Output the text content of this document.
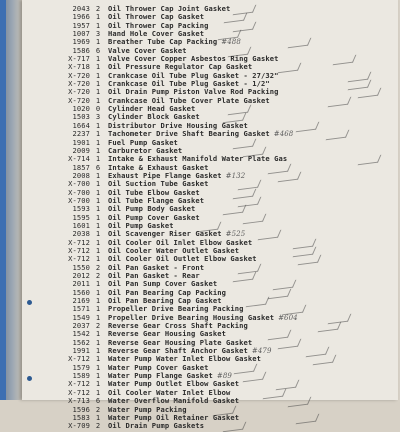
2043 2 Oil Thrower Cap Joint Gasket
1966 1 Oil Thrower Cap Gasket
1957 1 Oil Thrower Cap Packing
1007 3 Hand Hole Cover Gasket
1969 1 Breather Tube Cap Packing #488
1586 6 Valve Cover Gasket
X-717 1 Valve Cover Copper Asbestos Ring Gasket
X-718 1 Oil Pressure Regulator Cap Gasket
X-720 1 Crankcase Oil Tube Plug Gasket - 27/32"
X-720 1 Crankcase Oil Tube Plug Gasket - 1/2"
X-720 1 Oil Drain Pump Piston Valve Rod Packing
X-720 1 Crankcase Oil Tube Cover Plate Gasket
1020 0 Cylinder Head Gasket
1503 3 Cylinder Block Gasket
1664 1 Distributor Drive Housing Gasket
2237 1 Tachometer Drive Shaft Bearing Gasket #468
1901 1 Fuel Pump Gasket
2009 1 Carburetor Gasket
X-714 1 Intake & Exhaust Manifold Water Plate Gas
1857 6 Intake & Exhaust Gasket
2008 1 Exhaust Pipe Flange Gasket #132
X-700 1 Oil Suction Tube Gasket
X-700 1 Oil Tube Elbow Gasket
X-700 1 Oil Tube Flange Gasket
1593 1 Oil Pump Body Gasket
1595 1 Oil Pump Cover Gasket
1601 1 Oil Pump Gasket
2038 1 Oil Scavenger Riser Gasket #525
X-712 1 Oil Cooler Oil Inlet Elbow Gasket
X-712 1 Oil Cooler Water Outlet Gasket
X-712 1 Oil Cooler Oil Outlet Elbow Gasket
1550 2 Oil Pan Gasket - Front
2012 2 Oil Pan Gasket - Rear
2011 1 Oil Pan Sump Cover Gasket
1560 1 Oil Pan Bearing Cap Packing
2169 1 Oil Pan Bearing Cap Gasket
1571 1 Propeller Drive Bearing Packing
1549 1 Propeller Drive Bearing Housing Gasket #604
2037 2 Reverse Gear Cross Shaft Packing
1542 1 Reverse Gear Housing Gasket
1562 1 Reverse Gear Housing Plate Gasket
1991 1 Reverse Gear Shaft Anchor Gasket #479
X-712 1 Water Pump Water Inlet Elbow Gasket
1579 1 Water Pump Cover Gasket
1589 1 Water Pump Flange Gasket #89
X-712 1 Water Pump Outlet Elbow Gasket
X-712 1 Oil Cooler Water Inlet Elbow
X-713 6 Water Overflow Manifold Gasket
1596 2 Water Pump Packing
1583 1 Water Pump Oil Retainer Gasket
X-709 2 Oil Drain Pump Gaskets
